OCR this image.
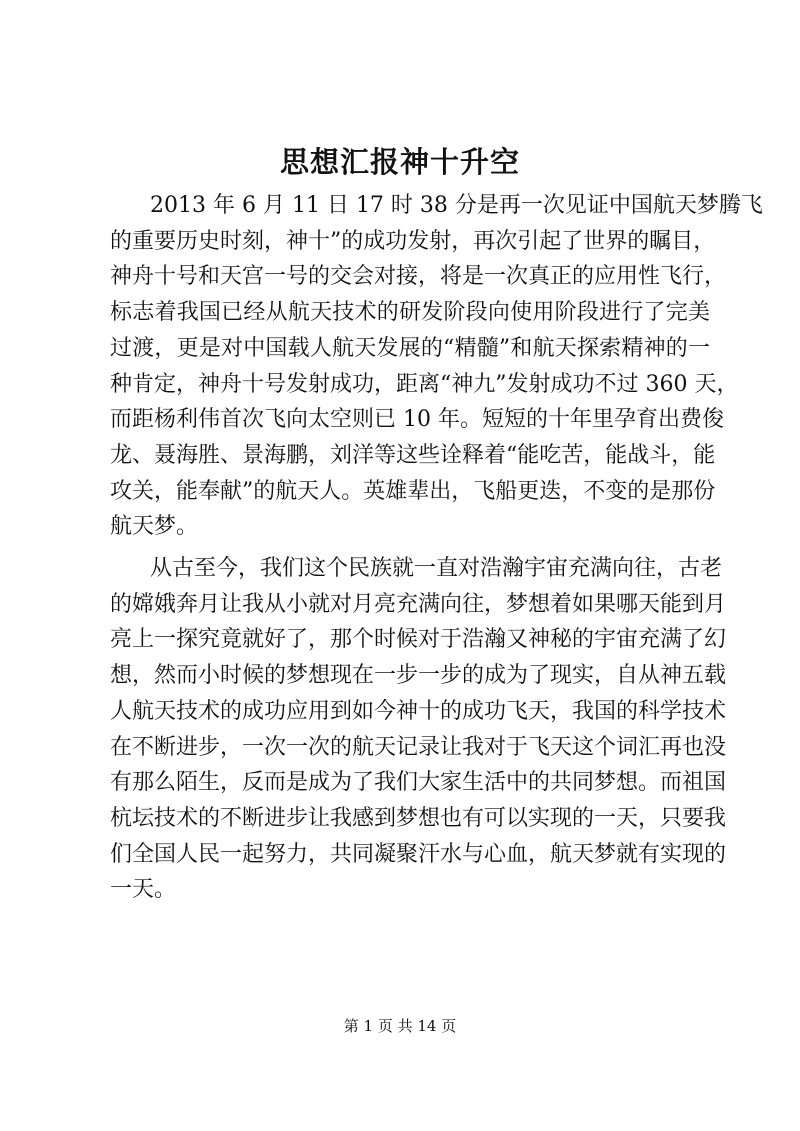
思想汇报神十升空
2013 年 6 月 11 日 17 时 38 分是再一次见证中国航天梦腾飞
的重要历史时刻，神十”的成功发射，再次引起了世界的瞩目，
神舟十号和天宫一号的交会对接，将是一次真正的应用性飞行，
标志着我国已经从航天技术的研发阶段向使用阶段进行了完美
过渡，更是对中国载人航天发展的“精髓”和航天探索精神的一
种肯定，神舟十号发射成功，距离“神九”发射成功不过 360 天，
而距杨利伟首次飞向太空则已 10 年。短短的十年里孕育出费俊
龙、聂海胜、景海鹏，刘洋等这些诠释着“能吃苦，能战斗，能
攻关，能奉献”的航天人。英雄辈出，飞船更迭，不变的是那份
航天梦。
从古至今，我们这个民族就一直对浩瀚宇宙充满向往，古老
的嫦娥奔月让我从小就对月亮充满向往，梦想着如果哪天能到月
亮上一探究竟就好了，那个时候对于浩瀚又神秘的宇宙充满了幻
想，然而小时候的梦想现在一步一步的成为了现实，自从神五载
人航天技术的成功应用到如今神十的成功飞天，我国的科学技术
在不断进步，一次一次的航天记录让我对于飞天这个词汇再也没
有那么陌生，反而是成为了我们大家生活中的共同梦想。而祖国
杭坛技术的不断进步让我感到梦想也有可以实现的一天，只要我
们全国人民一起努力，共同凝聚汗水与心血，航天梦就有实现的
一天。
第 1 页 共 14 页
